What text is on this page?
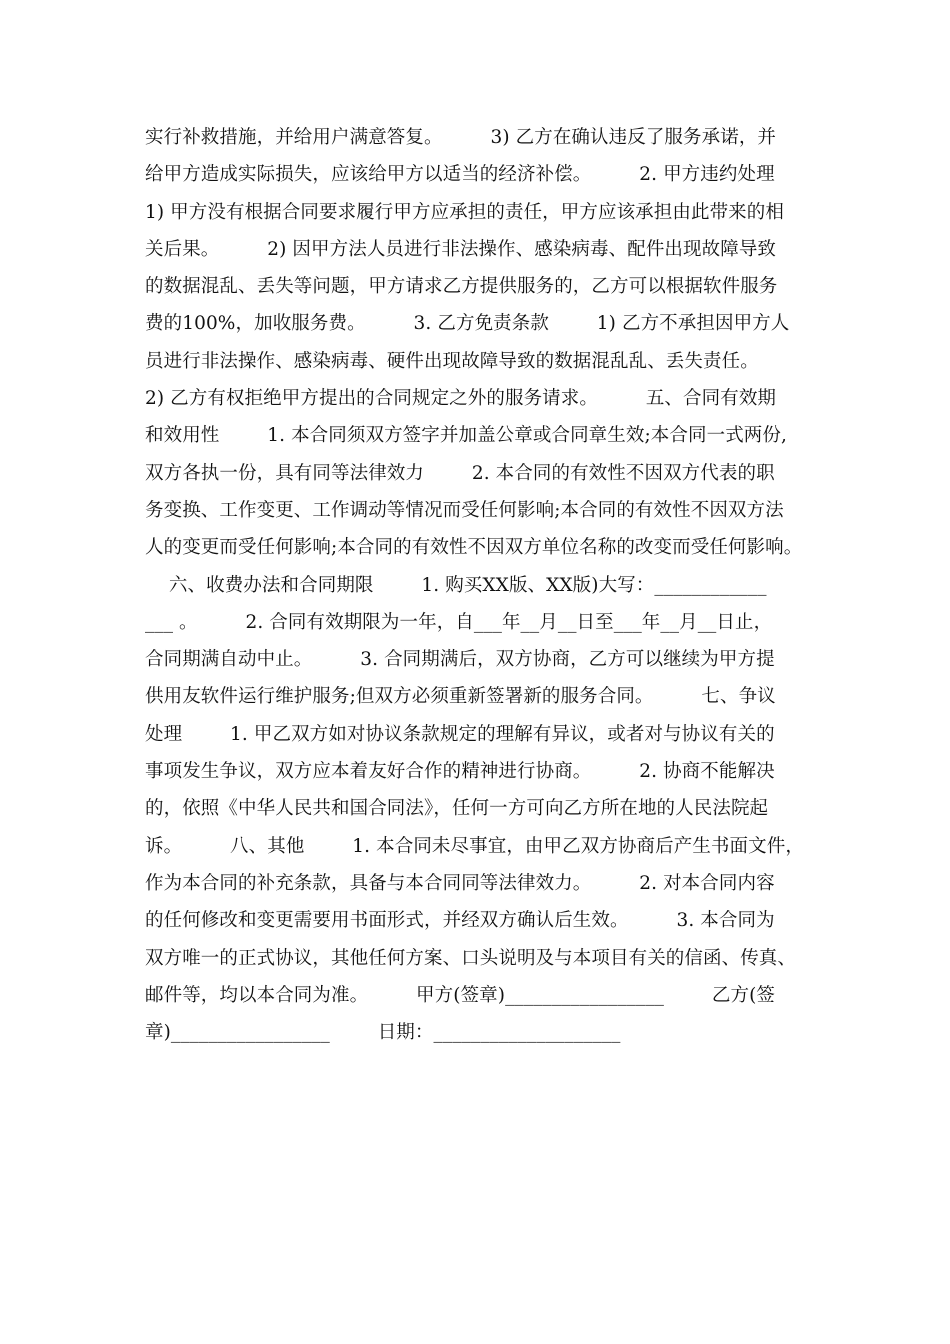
实行补救措施，并给用户满意答复。        3) 乙方在确认违反了服务承诺，并
给甲方造成实际损失，应该给甲方以适当的经济补偿。        2. 甲方违约处理
1) 甲方没有根据合同要求履行甲方应承担的责任，甲方应该承担由此带来的相
关后果。        2) 因甲方法人员进行非法操作、感染病毒、配件出现故障导致
的数据混乱、丢失等问题，甲方请求乙方提供服务的，乙方可以根据软件服务
费的100%，加收服务费。        3. 乙方免责条款        1) 乙方不承担因甲方人
员进行非法操作、感染病毒、硬件出现故障导致的数据混乱乱、丢失责任。
2) 乙方有权拒绝甲方提出的合同规定之外的服务请求。        五、合同有效期
和效用性        1. 本合同须双方签字并加盖公章或合同章生效;本合同一式两份,
双方各执一份，具有同等法律效力        2. 本合同的有效性不因双方代表的职
务变换、工作变更、工作调动等情况而受任何影响;本合同的有效性不因双方法
人的变更而受任何影响;本合同的有效性不因双方单位名称的改变而受任何影响。
六、收费办法和合同期限        1. 购买XX版、XX版)大写：____________
___ 。        2. 合同有效期限为一年，自___年__月__日至___年__月__日止，
合同期满自动中止。        3. 合同期满后，双方协商，乙方可以继续为甲方提
供用友软件运行维护服务;但双方必须重新签署新的服务合同。        七、争议
处理        1. 甲乙双方如对协议条款规定的理解有异议，或者对与协议有关的
事项发生争议，双方应本着友好合作的精神进行协商。        2. 协商不能解决
的，依照《中华人民共和国合同法》，任何一方可向乙方所在地的人民法院起
诉。        八、其他        1. 本合同未尽事宜，由甲乙双方协商后产生书面文件，
作为本合同的补充条款，具备与本合同同等法律效力。        2. 对本合同内容
的任何修改和变更需要用书面形式，并经双方确认后生效。        3. 本合同为
双方唯一的正式协议，其他任何方案、口头说明及与本项目有关的信函、传真、
邮件等，均以本合同为准。        甲方(签章)_________________        乙方(签
章)_________________        日期：____________________
